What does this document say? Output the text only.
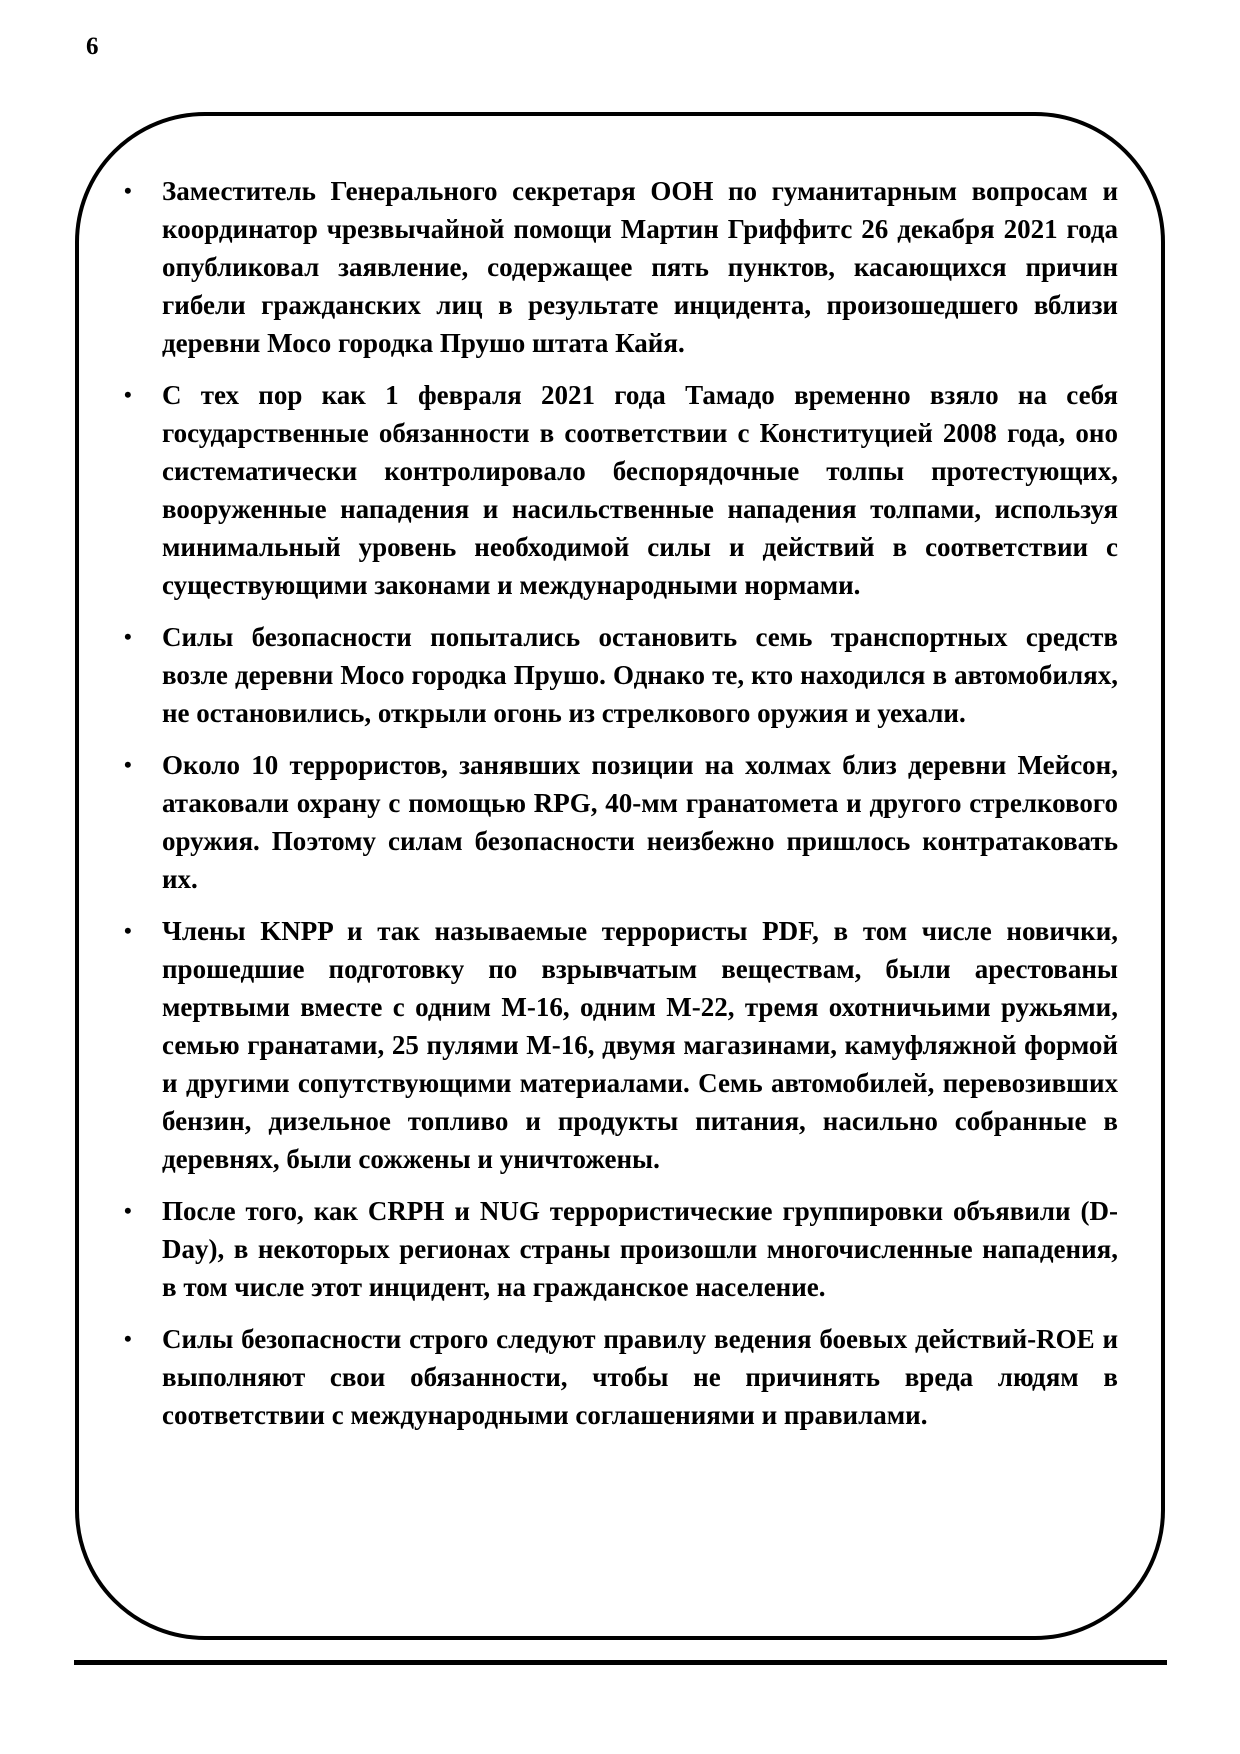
6
• Заместитель Генерального секретаря ООН по гуманитарным вопросам и координатор чрезвычайной помощи Мартин Гриффитс 26 декабря 2021 года опубликовал заявление, содержащее пять пунктов, касающихся причин гибели гражданских лиц в результате инцидента, произошедшего вблизи деревни Мосо городка Прушо штата Кайя.
• С тех пор как 1 февраля 2021 года Тамадо временно взяло на себя государственные обязанности в соответствии с Конституцией 2008 года, оно систематически контролировало беспорядочные толпы протестующих, вооруженные нападения и насильственные нападения толпами, используя минимальный уровень необходимой силы и действий в соответствии с существующими законами и международными нормами.
• Силы безопасности попытались остановить семь транспортных средств возле деревни Мосо городка Прушо. Однако те, кто находился в автомобилях, не остановились, открыли огонь из стрелкового оружия и уехали.
• Около 10 террористов, занявших позиции на холмах близ деревни Мейсон, атаковали охрану с помощью RPG, 40-мм гранатомета и другого стрелкового оружия. Поэтому силам безопасности неизбежно пришлось контратаковать их.
• Члены KNPP и так называемые террористы PDF, в том числе новички, прошедшие подготовку по взрывчатым веществам, были арестованы мертвыми вместе с одним M-16, одним M-22, тремя охотничьими ружьями, семью гранатами, 25 пулями M-16, двумя магазинами, камуфляжной формой и другими сопутствующими материалами. Семь автомобилей, перевозивших бензин, дизельное топливо и продукты питания, насильно собранные в деревнях, были сожжены и уничтожены.
• После того, как CRPH и NUG террористические группировки объявили (D-Day), в некоторых регионах страны произошли многочисленные нападения, в том числе этот инцидент, на гражданское население.
• Силы безопасности строго следуют правилу ведения боевых действий-ROE и выполняют свои обязанности, чтобы не причинять вреда людям в соответствии с международными соглашениями и правилами.
